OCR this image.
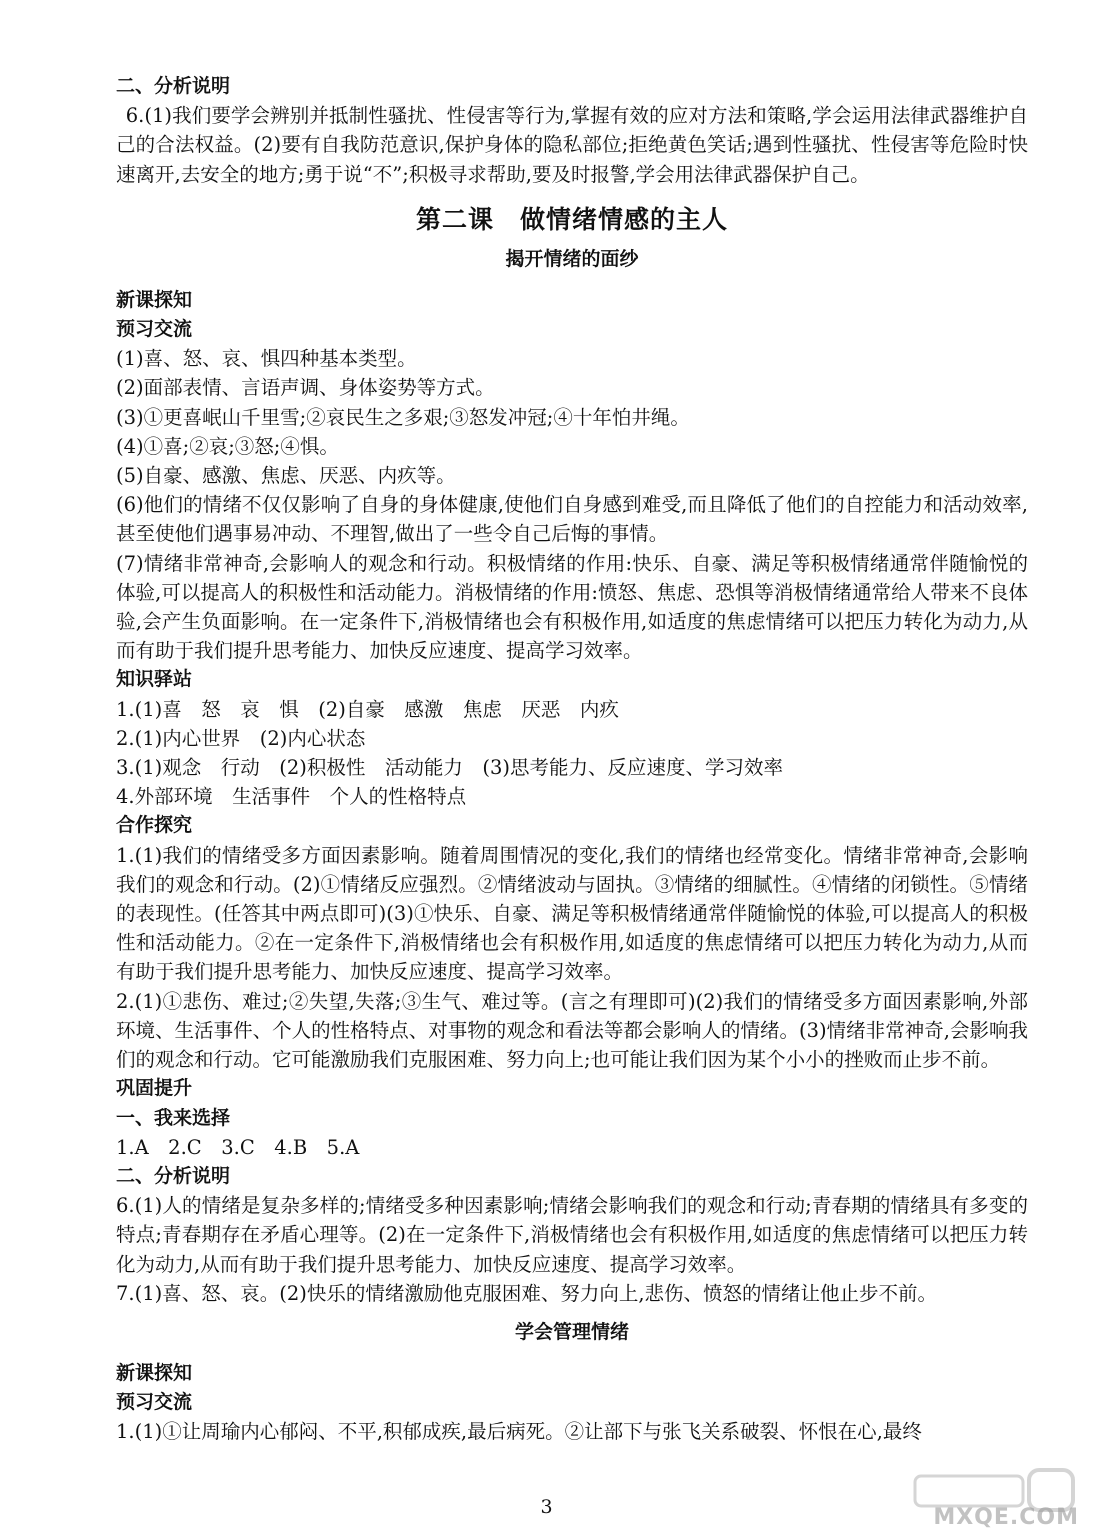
二、分析说明

6.(1)我们要学会辨别并抵制性骚扰、性侵害等行为,掌握有效的应对方法和策略,学会运用法律武器维护自己的合法权益。(2)要有自我防范意识,保护身体的隐私部位;拒绝黄色笑话;遇到性骚扰、性侵害等危险时快速离开,去安全的地方;勇于说“不”;积极寻求帮助,要及时报警,学会用法律武器保护自己。

第二课　做情绪情感的主人
揭开情绪的面纱
新课探知
预习交流

(1)喜、怒、哀、惧四种基本类型。

(2)面部表情、言语声调、身体姿势等方式。

(3)①更喜岷山千里雪;②哀民生之多艰;③怒发冲冠;④十年怕井绳。

(4)①喜;②哀;③怒;④惧。

(5)自豪、感激、焦虑、厌恶、内疚等。

(6)他们的情绪不仅仅影响了自身的身体健康,使他们自身感到难受,而且降低了他们的自控能力和活动效率,甚至使他们遇事易冲动、不理智,做出了一些令自己后悔的事情。

(7)情绪非常神奇,会影响人的观念和行动。积极情绪的作用:快乐、自豪、满足等积极情绪通常伴随愉悦的体验,可以提高人的积极性和活动能力。消极情绪的作用:愤怒、焦虑、恐惧等消极情绪通常给人带来不良体验,会产生负面影响。在一定条件下,消极情绪也会有积极作用,如适度的焦虑情绪可以把压力转化为动力,从而有助于我们提升思考能力、加快反应速度、提高学习效率。

知识驿站

1.(1)喜　怒　哀　惧　(2)自豪　感激　焦虑　厌恶　内疚

2.(1)内心世界　(2)内心状态

3.(1)观念　行动　(2)积极性　活动能力　(3)思考能力、反应速度、学习效率

4.外部环境　生活事件　个人的性格特点

合作探究

1.(1)我们的情绪受多方面因素影响。随着周围情况的变化,我们的情绪也经常变化。情绪非常神奇,会影响我们的观念和行动。(2)①情绪反应强烈。②情绪波动与固执。③情绪的细腻性。④情绪的闭锁性。⑤情绪的表现性。(任答其中两点即可)(3)①快乐、自豪、满足等积极情绪通常伴随愉悦的体验,可以提高人的积极性和活动能力。②在一定条件下,消极情绪也会有积极作用,如适度的焦虑情绪可以把压力转化为动力,从而有助于我们提升思考能力、加快反应速度、提高学习效率。

2.(1)①悲伤、难过;②失望,失落;③生气、难过等。(言之有理即可)(2)我们的情绪受多方面因素影响,外部环境、生活事件、个人的性格特点、对事物的观念和看法等都会影响人的情绪。(3)情绪非常神奇,会影响我们的观念和行动。它可能激励我们克服困难、努力向上;也可能让我们因为某个小小的挫败而止步不前。

巩固提升
一、我来选择

1.A　2.C　3.C　4.B　5.A

二、分析说明

6.(1)人的情绪是复杂多样的;情绪受多种因素影响;情绪会影响我们的观念和行动;青春期的情绪具有多变的特点;青春期存在矛盾心理等。(2)在一定条件下,消极情绪也会有积极作用,如适度的焦虑情绪可以把压力转化为动力,从而有助于我们提升思考能力、加快反应速度、提高学习效率。

7.(1)喜、怒、哀。(2)快乐的情绪激励他克服困难、努力向上,悲伤、愤怒的情绪让他止步不前。

学会管理情绪
新课探知
预习交流

1.(1)①让周瑜内心郁闷、不平,积郁成疾,最后病死。②让部下与张飞关系破裂、怀恨在心,最终

3	MXQE.COM
